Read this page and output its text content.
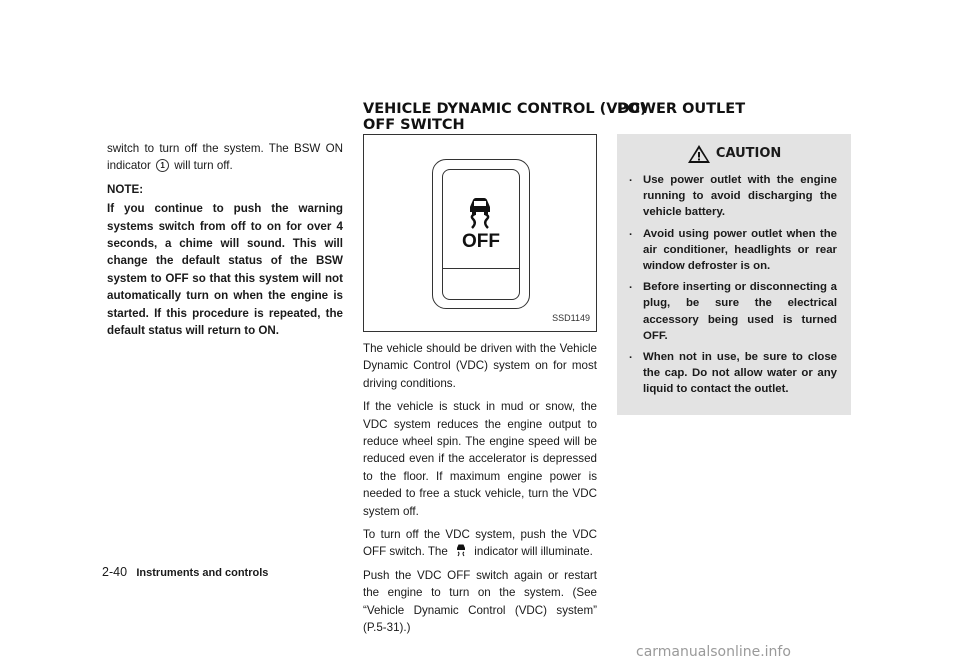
switch to turn off the system. The BSW ON indicator 1 will turn off.

NOTE:

If you continue to push the warning systems switch from off to on for over 4 seconds, a chime will sound. This will change the default status of the BSW system to OFF so that this system will not automatically turn on when the engine is started. If this procedure is repeated, the default status will return to ON.

VEHICLE DYNAMIC CONTROL (VDC)
OFF SWITCH
POWER OUTLET
OFF
SSD1149

The vehicle should be driven with the Vehicle Dynamic Control (VDC) system on for most driving conditions.

If the vehicle is stuck in mud or snow, the VDC system reduces the engine output to reduce wheel spin. The engine speed will be reduced even if the accelerator is depressed to the floor. If maximum engine power is needed to free a stuck vehicle, turn the VDC system off.

To turn off the VDC system, push the VDC OFF switch. The indicator will illuminate.

Push the VDC OFF switch again or restart the engine to turn on the system. (See “Vehicle Dynamic Control (VDC) system” (P.5-31).)

CAUTION
. Use power outlet with the engine running to avoid discharging the vehicle battery.
. Avoid using power outlet when the air conditioner, headlights or rear window defroster is on.
. Before inserting or disconnecting a plug, be sure the electrical accessory being used is turned OFF.
. When not in use, be sure to close the cap. Do not allow water or any liquid to contact the outlet.
2-40 Instruments and controls
carmanualsonline.info
